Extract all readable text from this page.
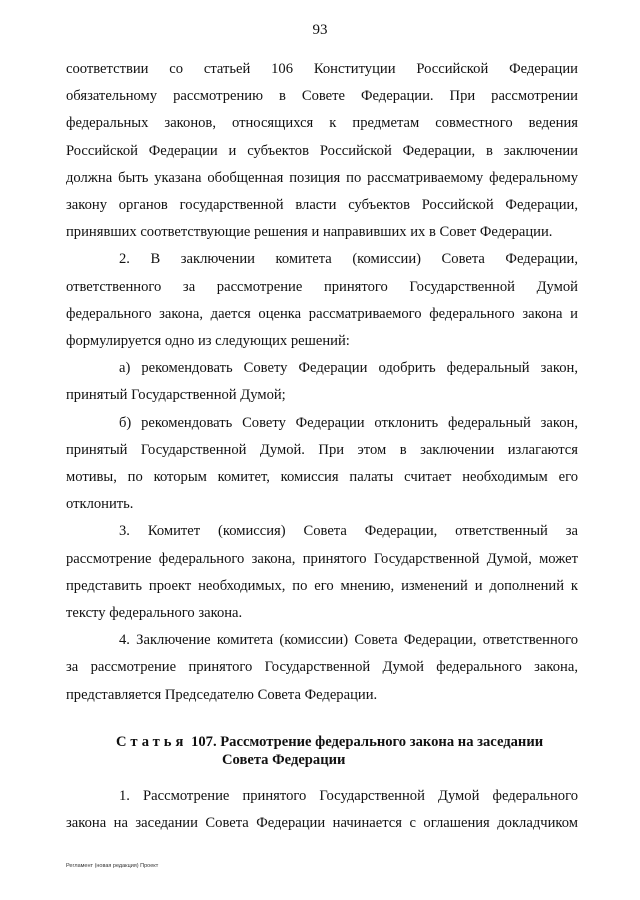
93

соответствии со статьей 106 Конституции Российской Федерации

обязательному рассмотрению в Совете Федерации. При рассмотрении

федеральных законов, относящихся к предметам совместного ведения

Российской Федерации и субъектов Российской Федерации, в заключении

должна быть указана обобщенная позиция по рассматриваемому федеральному

закону органов государственной власти субъектов Российской Федерации,

принявших соответствующие решения и направивших их в Совет Федерации.

2. В заключении комитета (комиссии) Совета Федерации,

ответственного за рассмотрение принятого Государственной Думой

федерального закона, дается оценка рассматриваемого федерального закона и

формулируется одно из следующих решений:

а) рекомендовать Совету Федерации одобрить федеральный закон,

принятый Государственной Думой;

б) рекомендовать Совету Федерации отклонить федеральный закон,

принятый Государственной Думой. При этом в заключении излагаются

мотивы, по которым комитет, комиссия палаты считает необходимым его

отклонить.

3. Комитет (комиссия) Совета Федерации, ответственный за

рассмотрение федерального закона, принятого Государственной Думой, может

представить проект необходимых, по его мнению, изменений и дополнений к

тексту федерального закона.

4. Заключение комитета (комиссии) Совета Федерации, ответственного

за рассмотрение принятого Государственной Думой федерального закона,

представляется Председателю Совета Федерации.

Статья 107. Рассмотрение федерального закона на заседании
Совета Федерации

1. Рассмотрение принятого Государственной Думой федерального

закона на заседании Совета Федерации начинается с оглашения докладчиком

Регламент (новая редакция) Проект
